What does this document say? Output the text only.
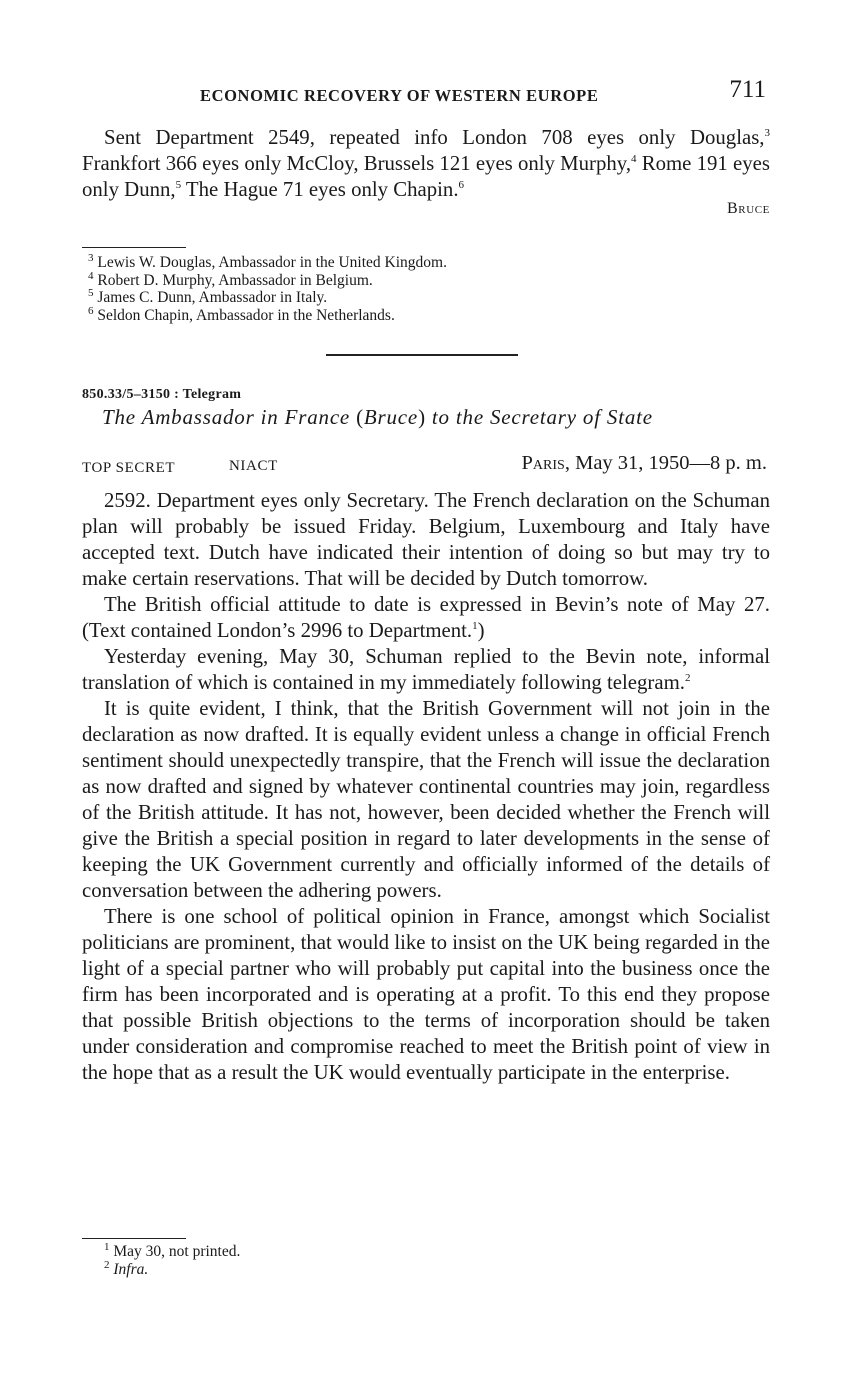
ECONOMIC RECOVERY OF WESTERN EUROPE	711

Sent Department 2549, repeated info London 708 eyes only Douglas,$^3$ Frankfort 366 eyes only McCloy, Brussels 121 eyes only Murphy,$^4$ Rome 191 eyes only Dunn,$^5$ The Hague 71 eyes only Chapin.$^6$

Bruce
$^3$ Lewis W. Douglas, Ambassador in the United Kingdom.
$^4$ Robert D. Murphy, Ambassador in Belgium.
$^5$ James C. Dunn, Ambassador in Italy.
$^6$ Seldon Chapin, Ambassador in the Netherlands.
850.33/5–3150 : Telegram
The Ambassador in France (Bruce) to the Secretary of State
TOP SECRET	NIACT	Paris, May 31, 1950—8 p. m.

2592. Department eyes only Secretary. The French declaration on the Schuman plan will probably be issued Friday. Belgium, Luxembourg and Italy have accepted text. Dutch have indicated their intention of doing so but may try to make certain reservations. That will be decided by Dutch tomorrow.

The British official attitude to date is expressed in Bevin’s note of May 27. (Text contained London’s 2996 to Department.$^1$)

Yesterday evening, May 30, Schuman replied to the Bevin note, informal translation of which is contained in my immediately following telegram.$^2$

It is quite evident, I think, that the British Government will not join in the declaration as now drafted. It is equally evident unless a change in official French sentiment should unexpectedly transpire, that the French will issue the declaration as now drafted and signed by whatever continental countries may join, regardless of the British attitude. It has not, however, been decided whether the French will give the British a special position in regard to later developments in the sense of keeping the UK Government currently and officially informed of the details of conversation between the adhering powers.

There is one school of political opinion in France, amongst which Socialist politicians are prominent, that would like to insist on the UK being regarded in the light of a special partner who will probably put capital into the business once the firm has been incorporated and is operating at a profit. To this end they propose that possible British objections to the terms of incorporation should be taken under consideration and compromise reached to meet the British point of view in the hope that as a result the UK would eventually participate in the enterprise.

$^1$ May 30, not printed.
$^2$ Infra.
